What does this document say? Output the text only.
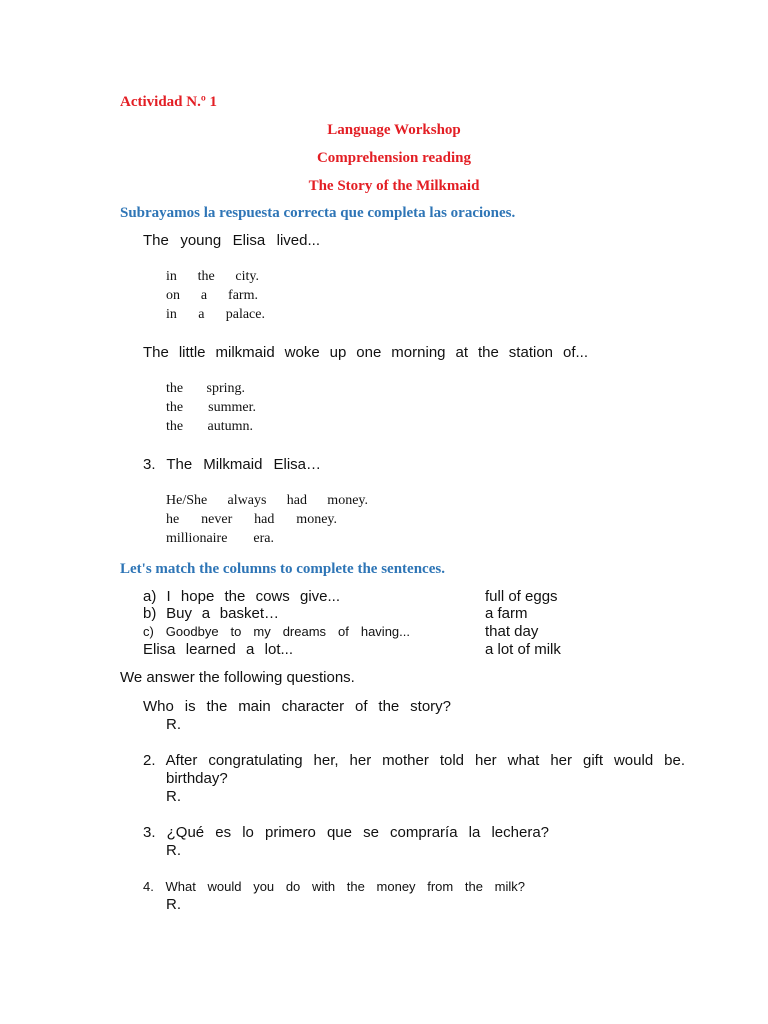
Actividad N.º 1
Language Workshop
Comprehension reading
The Story of the Milkmaid
Subrayamos la respuesta correcta que completa las oraciones.
The young Elisa lived...
in the city.
on a farm.
in a palace.
The little milkmaid woke up one morning at the station of...
the spring.
the summer.
the autumn.
3. The Milkmaid Elisa…
He/She always had money.
he never had money.
millionaire era.
Let's match the columns to complete the sentences.
a) I hope the cows give...
b) Buy a basket…
c) Goodbye to my dreams of having...
Elisa learned a lot...
full of eggs
a farm
that day
a lot of milk
We answer the following questions.
Who is the main character of the story?
R.
2. After congratulating her, her mother told her what her gift would be.
birthday?
R.
3. ¿Qué es lo primero que se compraría la lechera?
R.
4. What would you do with the money from the milk?
R.
